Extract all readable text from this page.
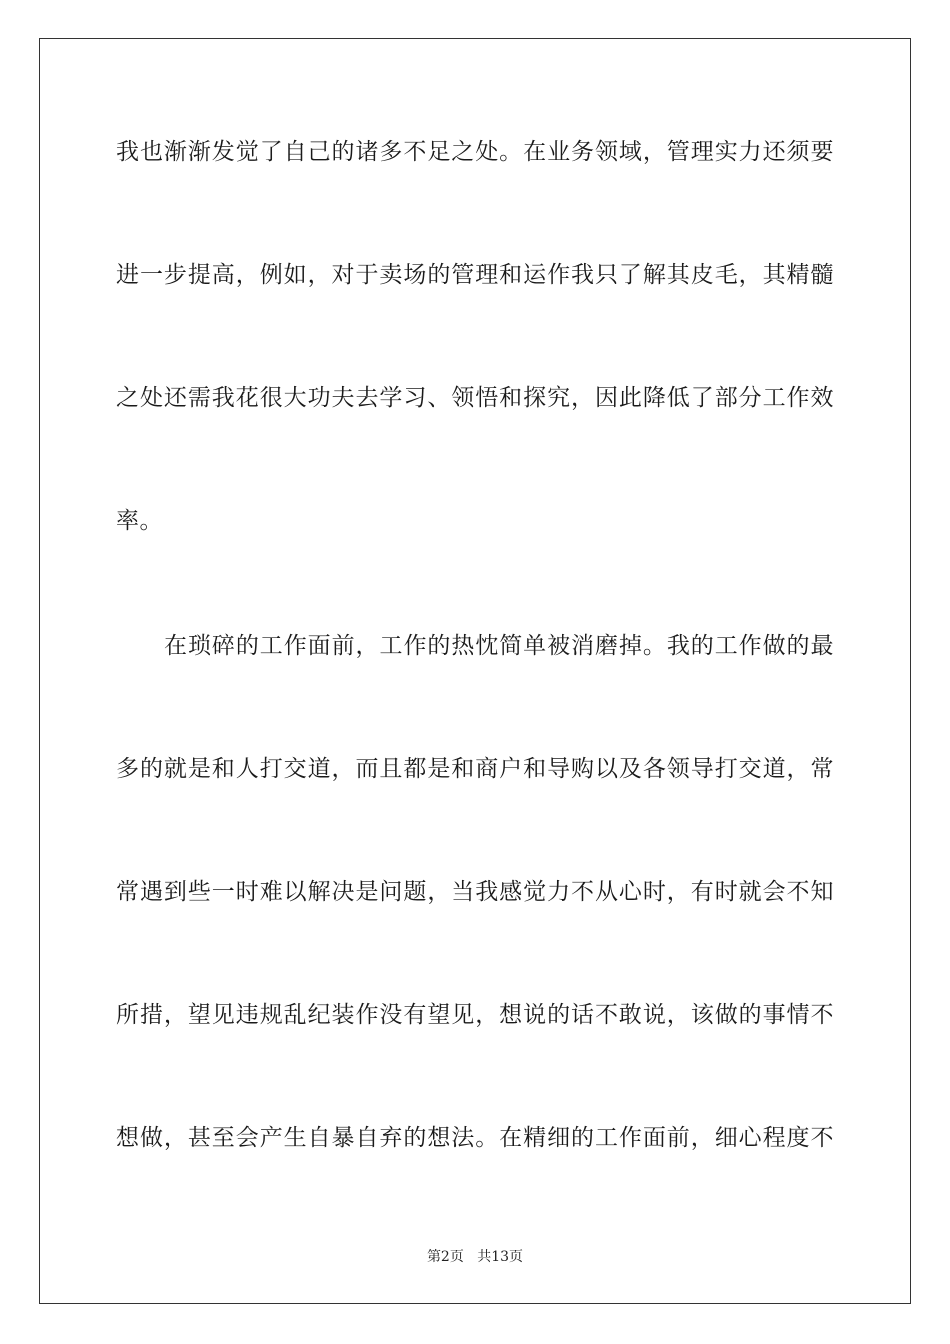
我也渐渐发觉了自己的诸多不足之处。在业务领域，管理实力还须要
进一步提高，例如，对于卖场的管理和运作我只了解其皮毛，其精髓
之处还需我花很大功夫去学习、领悟和探究，因此降低了部分工作效
率。
在琐碎的工作面前，工作的热忱简单被消磨掉。我的工作做的最
多的就是和人打交道，而且都是和商户和导购以及各领导打交道，常
常遇到些一时难以解决是问题，当我感觉力不从心时，有时就会不知
所措，望见违规乱纪装作没有望见，想说的话不敢说，该做的事情不
想做，甚至会产生自暴自弃的想法。在精细的工作面前，细心程度不
第2页 共13页
